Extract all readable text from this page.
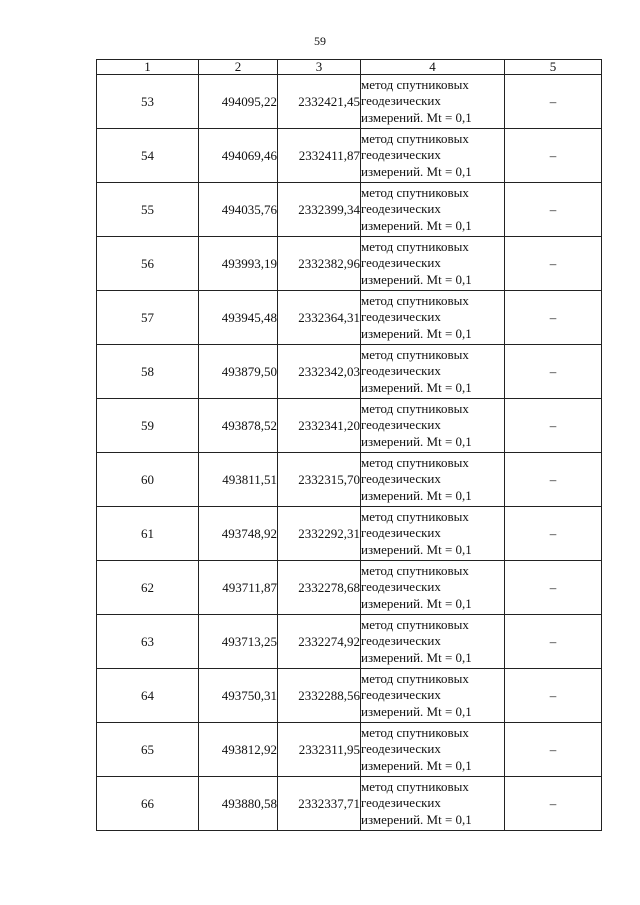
59
1	2	3	4	5
53	494095,22	2332421,45	метод спутниковых
геодезических
измерений. Mt = 0,1	–
54	494069,46	2332411,87	метод спутниковых
геодезических
измерений. Mt = 0,1	–
55	494035,76	2332399,34	метод спутниковых
геодезических
измерений. Mt = 0,1	–
56	493993,19	2332382,96	метод спутниковых
геодезических
измерений. Mt = 0,1	–
57	493945,48	2332364,31	метод спутниковых
геодезических
измерений. Mt = 0,1	–
58	493879,50	2332342,03	метод спутниковых
геодезических
измерений. Mt = 0,1	–
59	493878,52	2332341,20	метод спутниковых
геодезических
измерений. Mt = 0,1	–
60	493811,51	2332315,70	метод спутниковых
геодезических
измерений. Mt = 0,1	–
61	493748,92	2332292,31	метод спутниковых
геодезических
измерений. Mt = 0,1	–
62	493711,87	2332278,68	метод спутниковых
геодезических
измерений. Mt = 0,1	–
63	493713,25	2332274,92	метод спутниковых
геодезических
измерений. Mt = 0,1	–
64	493750,31	2332288,56	метод спутниковых
геодезических
измерений. Mt = 0,1	–
65	493812,92	2332311,95	метод спутниковых
геодезических
измерений. Mt = 0,1	–
66	493880,58	2332337,71	метод спутниковых
геодезических
измерений. Mt = 0,1	–
